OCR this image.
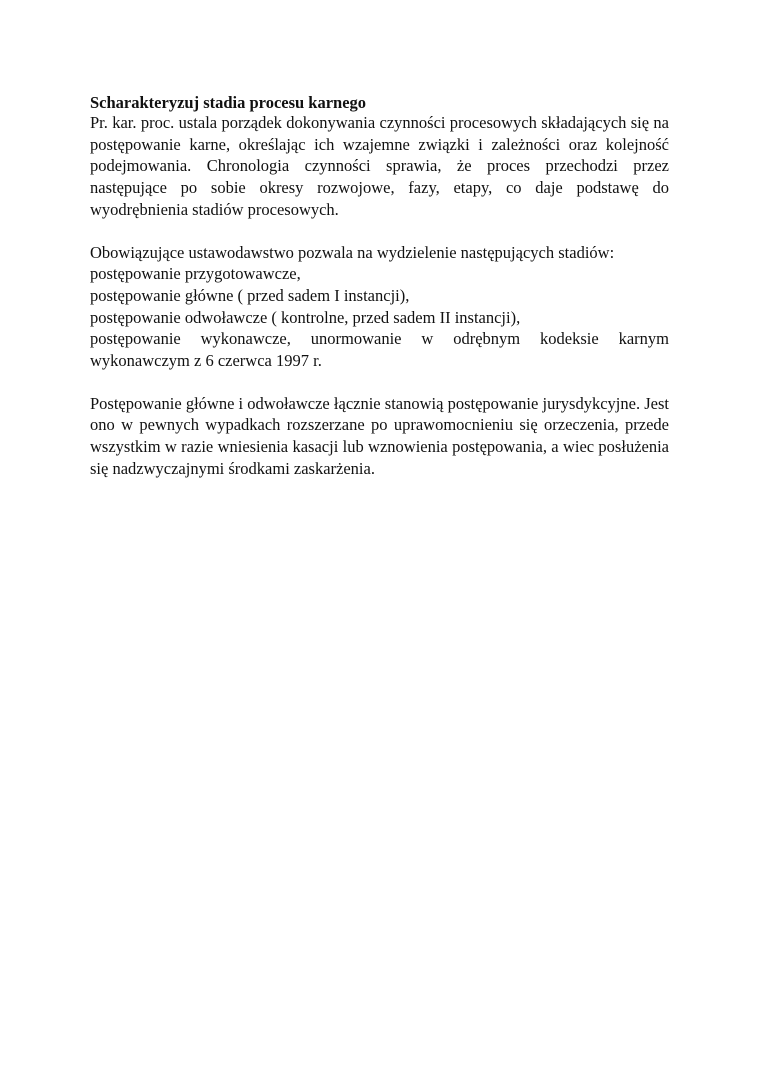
Scharakteryzuj stadia procesu karnego

Pr. kar. proc. ustala porządek dokonywania czynności procesowych składających się na postępowanie karne, określając ich wzajemne związki i zależności oraz kolejność podejmowania. Chronologia czynności sprawia, że proces przechodzi przez następujące po sobie okresy rozwojowe, fazy, etapy, co daje podstawę do wyodrębnienia stadiów procesowych.

Obowiązujące ustawodawstwo pozwala na wydzielenie następujących stadiów:
postępowanie przygotowawcze,
postępowanie główne ( przed sadem I instancji),
postępowanie odwoławcze ( kontrolne, przed sadem II instancji),
postępowanie wykonawcze, unormowanie w odrębnym kodeksie karnym
wykonawczym z 6 czerwca 1997 r.

Postępowanie główne i odwoławcze łącznie stanowią postępowanie jurysdykcyjne. Jest ono w pewnych wypadkach rozszerzane po uprawomocnieniu się orzeczenia, przede wszystkim w razie wniesienia kasacji lub wznowienia postępowania, a wiec posłużenia się nadzwyczajnymi środkami zaskarżenia.
